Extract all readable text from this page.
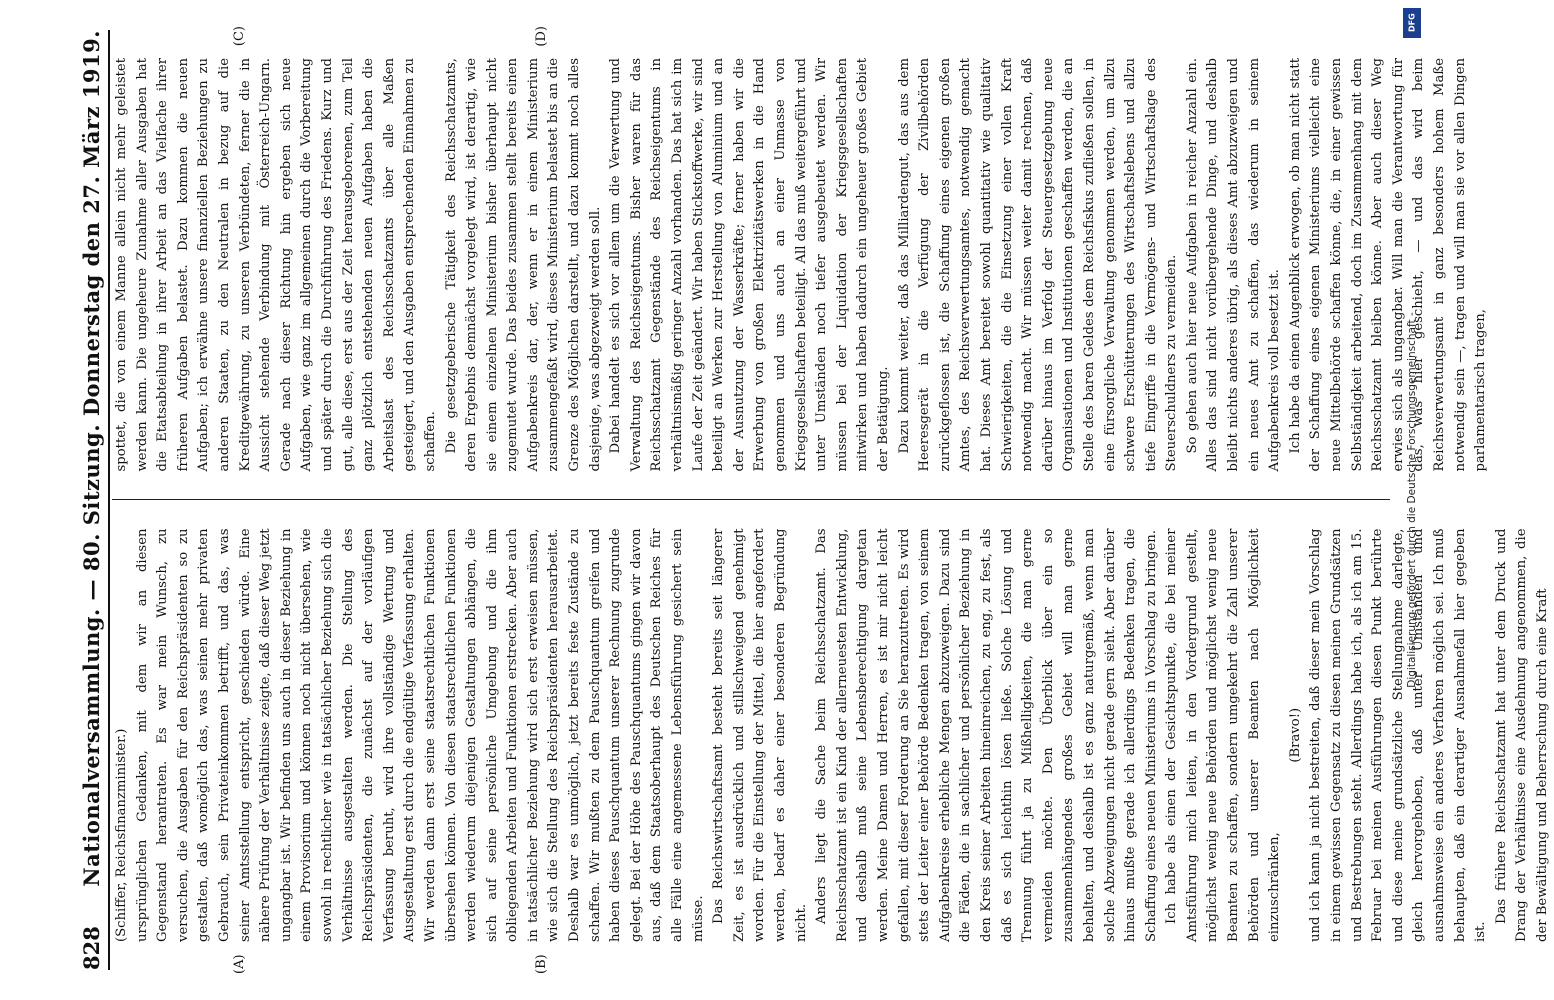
828
Nationalversammlung. — 80. Sitzung. Donnerstag den 27. März 1919.
(A)	(B)

(Schiffer, Reichsfinanzminister.) ursprünglichen Gedanken, mit dem wir an diesen Gegenstand herantraten. Es war mein Wunsch, zu versuchen, die Ausgaben für den Reichspräsidenten so zu gestalten, daß womöglich das, was seinen mehr privaten Gebrauch, sein Privateinkommen betrifft, und das, was seiner Amtsstellung entspricht, geschieden würde. Eine nähere Prüfung der Verhältnisse zeigte, daß dieser Weg jetzt ungangbar ist. Wir befinden uns auch in dieser Beziehung in einem Provisorium und können noch nicht übersehen, wie sowohl in rechtlicher wie in tatsächlicher Beziehung sich die Verhältnisse ausgestalten werden. Die Stellung des Reichspräsidenten, die zunächst auf der vorläufigen Verfassung beruht, wird ihre vollständige Wertung und Ausgestaltung erst durch die endgültige Verfassung erhalten. Wir werden dann erst seine staatsrechtlichen Funktionen übersehen können. Von diesen staatsrechtlichen Funktionen werden wiederum diejenigen Gestaltungen abhängen, die sich auf seine persönliche Umgebung und die ihm obliegenden Arbeiten und Funktionen erstrecken. Aber auch in tatsächlicher Beziehung wird sich erst erweisen müssen, wie sich die Stellung des Reichspräsidenten herausarbeitet. Deshalb war es unmöglich, jetzt bereits feste Zustände zu schaffen. Wir mußten zu dem Pauschquantum greifen und haben dieses Pauschquantum unserer Rechnung zugrunde gelegt. Bei der Höhe des Pauschquantums gingen wir davon aus, daß dem Staatsoberhaupt des Deutschen Reiches für alle Fälle eine angemessene Lebensführung gesichert sein müsse. Das Reichswirtschaftsamt besteht bereits seit längerer Zeit, es ist ausdrücklich und stillschweigend genehmigt worden. Für die Einstellung der Mittel, die hier angefordert werden, bedarf es daher einer besonderen Begründung nicht. Anders liegt die Sache beim Reichsschatzamt. Das Reichsschatzamt ist ein Kind der allerneuesten Entwicklung, und deshalb muß seine Lebensberechtigung dargetan werden. Meine Damen und Herren, es ist mir nicht leicht gefallen, mit dieser Forderung an Sie heranzutreten. Es wird stets der Leiter einer Behörde Bedenken tragen, von seinem Aufgabenkreise erhebliche Mengen abzuzweigen. Dazu sind die Fäden, die in sachlicher und persönlicher Beziehung in den Kreis seiner Arbeiten hineinreichen, zu eng, zu fest, als daß es sich leichthin lösen ließe. Solche Lösung und Trennung führt ja zu Mißhelligkeiten, die man gerne vermeiden möchte. Den Überblick über ein so zusammenhängendes großes Gebiet will man gerne behalten, und deshalb ist es ganz naturgemäß, wenn man solche Abzweigungen nicht gerade gern sieht. Aber darüber hinaus mußte gerade ich allerdings Bedenken tragen, die Schaffung eines neuen Ministeriums in Vorschlag zu bringen. Ich habe als einen der Gesichtspunkte, die bei meiner Amtsführung mich leiten, in den Vordergrund gestellt, möglichst wenig neue Behörden und möglichst wenig neue Beamten zu schaffen, sondern umgekehrt die Zahl unserer Behörden und unserer Beamten nach Möglichkeit einzuschränken,

(Bravo!) und ich kann ja nicht bestreiten, daß dieser mein Vorschlag in einem gewissen Gegensatz zu diesen meinen Grundsätzen und Bestrebungen steht. Allerdings habe ich, als ich am 15. Februar bei meinen Ausführungen diesen Punkt berührte und diese meine grundsätzliche Stellungnahme darlegte, gleich hervorgehoben, daß unter Umständen und ausnahmsweise ein anderes Verfahren möglich sei. Ich muß behaupten, daß ein derartiger Ausnahmefall hier gegeben ist.

Das frühere Reichsschatzamt hat unter dem Druck und Drang der Verhältnisse eine Ausdehnung angenommen, die der Bewältigung und Beherrschung durch eine Kraft

(C)	(D)

spottet, die von einem Manne allein nicht mehr geleistet werden kann. Die ungeheure Zunahme aller Ausgaben hat die Etatsabteilung in ihrer Arbeit an das Vielfache ihrer früheren Aufgaben belastet. Dazu kommen die neuen Aufgaben; ich erwähne unsere finanziellen Beziehungen zu anderen Staaten, zu den Neutralen in bezug auf die Kreditgewährung, zu unseren Verbündeten, ferner die in Aussicht stehende Verbindung mit Österreich-Ungarn. Gerade nach dieser Richtung hin ergeben sich neue Aufgaben, wie ganz im allgemeinen durch die Vorbereitung und später durch die Durchführung des Friedens. Kurz und gut, alle diese, erst aus der Zeit herausgeborenen, zum Teil ganz plötzlich entstehenden neuen Aufgaben haben die Arbeitslast des Reichsschatzamts über alle Maßen gesteigert, und den Ausgaben entsprechenden Einnahmen zu schaffen. Die gesetzgeberische Tätigkeit des Reichsschatzamts, deren Ergebnis demnächst vorgelegt wird, ist derartig, wie sie einem einzelnen Ministerium bisher überhaupt nicht zugemutet wurde. Das beides zusammen stellt bereits einen Aufgabenkreis dar, der, wenn er in einem Ministerium zusammengefaßt wird, dieses Ministerium belastet bis an die Grenze des Möglichen darstellt, und dazu kommt noch alles dasjenige, was abgezweigt werden soll. Dabei handelt es sich vor allem um die Verwertung und Verwaltung des Reichseigentums. Bisher waren für das Reichsschatzamt Gegenstände des Reichseigentums in verhältnismäßig geringer Anzahl vorhanden. Das hat sich im Laufe der Zeit geändert. Wir haben Stickstoffwerke, wir sind beteiligt an Werken zur Herstellung von Aluminium und an der Ausnutzung der Wasserkräfte; ferner haben wir die Erwerbung von großen Elektrizitätswerken in die Hand genommen und uns auch an einer Unmasse von Kriegsgesellschaften beteiligt. All das muß weitergeführt und unter Umständen noch tiefer ausgebeutet werden. Wir müssen bei der Liquidation der Kriegsgesellschaften mitwirken und haben dadurch ein ungeheuer großes Gebiet der Betätigung. Dazu kommt weiter, daß das Milliardengut, das aus dem Heeresgerät in die Verfügung der Zivilbehörden zurückgeflossen ist, die Schaffung eines eigenen großen Amtes, des Reichsverwertungsamtes, notwendig gemacht hat. Dieses Amt bereitet sowohl quantitativ wie qualitativ Schwierigkeiten, die die Einsetzung einer vollen Kraft notwendig macht. Wir müssen weiter damit rechnen, daß darüber hinaus im Verfolg der Steuergesetzgebung neue Organisationen und Institutionen geschaffen werden, die an Stelle des baren Geldes dem Reichsfiskus zufließen sollen, in eine fürsorgliche Verwaltung genommen werden, um allzu schwere Erschütterungen des Wirtschaftslebens und allzu tiefe Eingriffe in die Vermögens- und Wirtschaftslage des Steuerschuldners zu vermeiden. So gehen auch hier neue Aufgaben in reicher Anzahl ein. Alles das sind nicht vorübergehende Dinge, und deshalb bleibt nichts anderes übrig, als dieses Amt abzuzweigen und ein neues Amt zu schaffen, das wiederum in seinem Aufgabenkreis voll besetzt ist. Ich habe da einen Augenblick erwogen, ob man nicht statt der Schaffung eines eigenen Ministeriums vielleicht eine neue Mittelbehörde schaffen könne, die, in einer gewissen Selbständigkeit arbeitend, doch im Zusammenhang mit dem Reichsschatzamt bleiben könne. Aber auch dieser Weg erwies sich als ungangbar. Will man die Verantwortung für das, was hier geschieht, — und das wird beim Reichsverwertungsamt in ganz besonders hohem Maße notwendig sein —, tragen und will man sie vor allen Dingen parlamentarisch tragen,

DFG
Digitalisierung gefördert durch die Deutsche Forschungsgemeinschaft -
